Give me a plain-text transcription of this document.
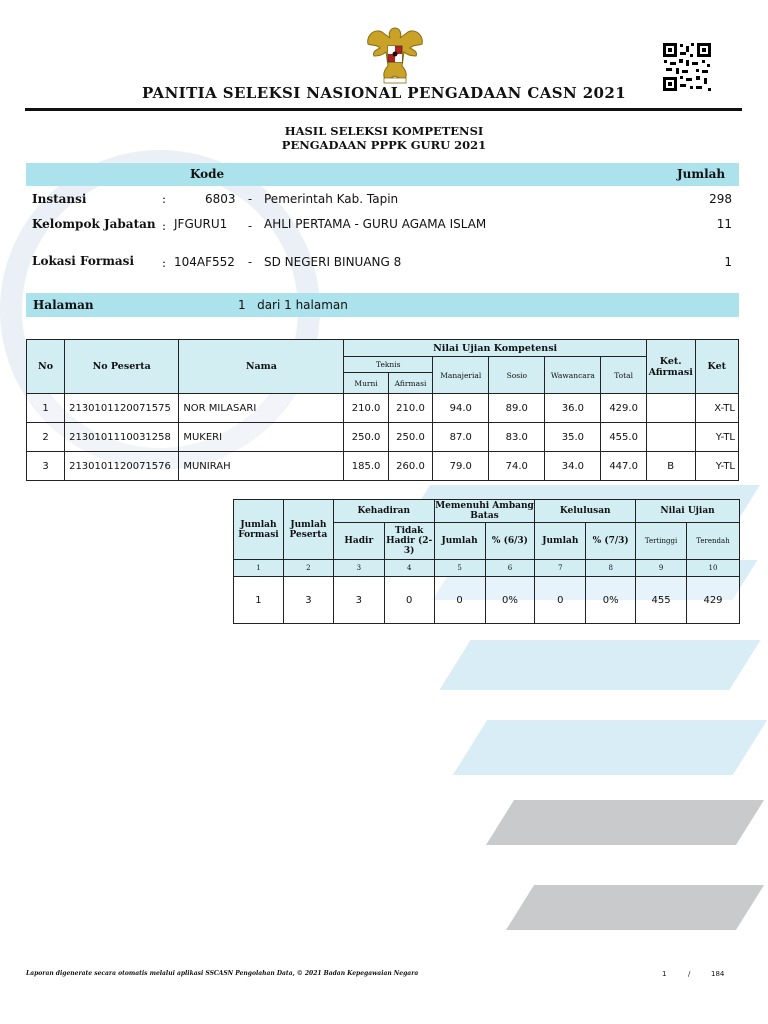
PANITIA SELEKSI NASIONAL PENGADAAN CASN 2021
HASIL SELEKSI KOMPETENSI
PENGADAAN PPPK GURU 2021
Kode	Jumlah
Instansi	:	6803 - Pemerintah Kab. Tapin	298
Kelompok Jabatan : JFGURU1 - AHLI PERTAMA - GURU AGAMA ISLAM	11
Lokasi Formasi : 104AF552 - SD NEGERI BINUANG 8	1
Halaman	1   dari 1 halaman
No	No Peserta	Nama	Nilai Ujian Kompetensi						Ket. Afirmasi	Ket
			Teknis		Manajerial	Sosio	Wawancara	Total		
			Murni	Afirmasi						
1	2130101120071575	NOR MILASARI	210.0	210.0	94.0	89.0	36.0	429.0		X-TL
2	2130101110031258	MUKERI	250.0	250.0	87.0	83.0	35.0	455.0		Y-TL
3	2130101120071576	MUNIRAH	185.0	260.0	79.0	74.0	34.0	447.0	B	Y-TL
Jumlah Formasi	Jumlah Peserta	Kehadiran		Memenuhi Ambang Batas		Kelulusan		Nilai Ujian	
		Hadir	Tidak Hadir (2-3)	Jumlah	% (6/3)	Jumlah	% (7/3)	Tertinggi	Terendah
1	2	3	4	5	6	7	8	9	10
1	3	3	0	0	0%	0	0%	455	429
Laporan digenerate secara otomatis melalui aplikasi SSCASN Pengolahan Data, © 2021 Badan Kepegawaian Negara	1	/	184
